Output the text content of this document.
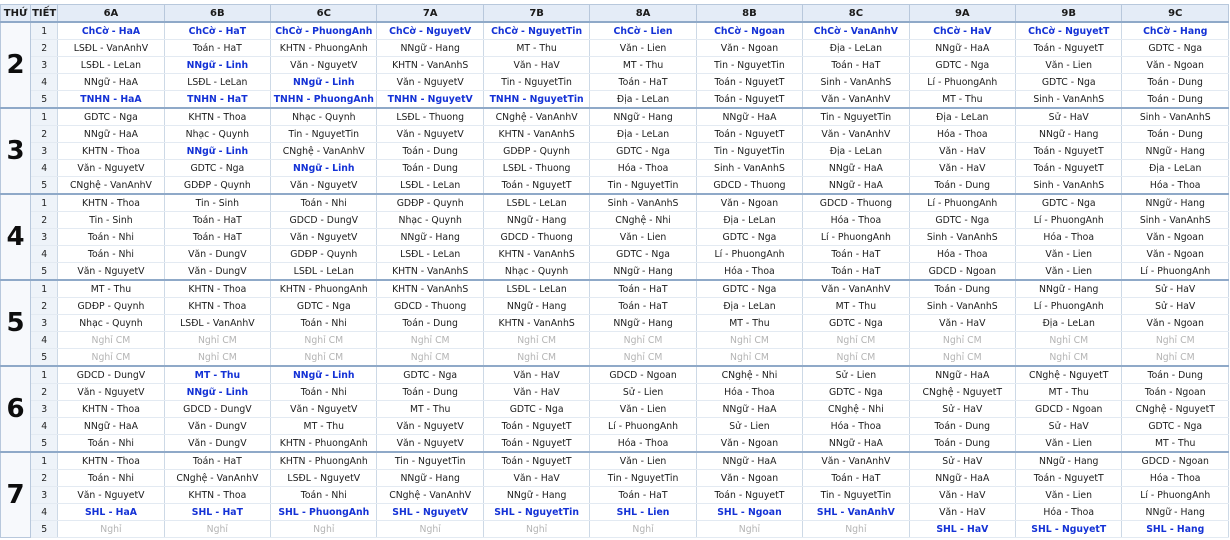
THỨ	TIẾT	6A	6B	6C	7A	7B	8A	8B	8C	9A	9B	9C
2	1	ChCờ - HaA	ChCờ - HaT	ChCờ - PhuongAnh	ChCờ - NguyetV	ChCờ - NguyetTin	ChCờ - Lien	ChCờ - Ngoan	ChCờ - VanAnhV	ChCờ - HaV	ChCờ - NguyetT	ChCờ - Hang
	2	LSĐL - VanAnhV	Toán - HaT	KHTN - PhuongAnh	NNgữ - Hang	MT - Thu	Văn - Lien	Văn - Ngoan	Địa - LeLan	NNgữ - HaA	Toán - NguyetT	GDTC - Nga
	3	LSĐL - LeLan	NNgữ - Linh	Văn - NguyetV	KHTN - VanAnhS	Văn - HaV	MT - Thu	Tin - NguyetTin	Toán - HaT	GDTC - Nga	Văn - Lien	Văn - Ngoan
	4	NNgữ - HaA	LSĐL - LeLan	NNgữ - Linh	Văn - NguyetV	Tin - NguyetTin	Toán - HaT	Toán - NguyetT	Sinh - VanAnhS	Lí - PhuongAnh	GDTC - Nga	Toán - Dung
	5	TNHN - HaA	TNHN - HaT	TNHN - PhuongAnh	TNHN - NguyetV	TNHN - NguyetTin	Địa - LeLan	Toán - NguyetT	Văn - VanAnhV	MT - Thu	Sinh - VanAnhS	Toán - Dung
3	1	GDTC - Nga	KHTN - Thoa	Nhạc - Quynh	LSĐL - Thuong	CNghệ - VanAnhV	NNgữ - Hang	NNgữ - HaA	Tin - NguyetTin	Địa - LeLan	Sử - HaV	Sinh - VanAnhS
	2	NNgữ - HaA	Nhạc - Quynh	Tin - NguyetTin	Văn - NguyetV	KHTN - VanAnhS	Địa - LeLan	Toán - NguyetT	Văn - VanAnhV	Hóa - Thoa	NNgữ - Hang	Toán - Dung
	3	KHTN - Thoa	NNgữ - Linh	CNghệ - VanAnhV	Toán - Dung	GDĐP - Quynh	GDTC - Nga	Tin - NguyetTin	Địa - LeLan	Văn - HaV	Toán - NguyetT	NNgữ - Hang
	4	Văn - NguyetV	GDTC - Nga	NNgữ - Linh	Toán - Dung	LSĐL - Thuong	Hóa - Thoa	Sinh - VanAnhS	NNgữ - HaA	Văn - HaV	Toán - NguyetT	Địa - LeLan
	5	CNghệ - VanAnhV	GDĐP - Quynh	Văn - NguyetV	LSĐL - LeLan	Toán - NguyetT	Tin - NguyetTin	GDCD - Thuong	NNgữ - HaA	Toán - Dung	Sinh - VanAnhS	Hóa - Thoa
4	1	KHTN - Thoa	Tin - Sinh	Toán - Nhi	GDĐP - Quynh	LSĐL - LeLan	Sinh - VanAnhS	Văn - Ngoan	GDCD - Thuong	Lí - PhuongAnh	GDTC - Nga	NNgữ - Hang
	2	Tin - Sinh	Toán - HaT	GDCD - DungV	Nhạc - Quynh	NNgữ - Hang	CNghệ - Nhi	Địa - LeLan	Hóa - Thoa	GDTC - Nga	Lí - PhuongAnh	Sinh - VanAnhS
	3	Toán - Nhi	Toán - HaT	Văn - NguyetV	NNgữ - Hang	GDCD - Thuong	Văn - Lien	GDTC - Nga	Lí - PhuongAnh	Sinh - VanAnhS	Hóa - Thoa	Văn - Ngoan
	4	Toán - Nhi	Văn - DungV	GDĐP - Quynh	LSĐL - LeLan	KHTN - VanAnhS	GDTC - Nga	Lí - PhuongAnh	Toán - HaT	Hóa - Thoa	Văn - Lien	Văn - Ngoan
	5	Văn - NguyetV	Văn - DungV	LSĐL - LeLan	KHTN - VanAnhS	Nhạc - Quynh	NNgữ - Hang	Hóa - Thoa	Toán - HaT	GDCD - Ngoan	Văn - Lien	Lí - PhuongAnh
5	1	MT - Thu	KHTN - Thoa	KHTN - PhuongAnh	KHTN - VanAnhS	LSĐL - LeLan	Toán - HaT	GDTC - Nga	Văn - VanAnhV	Toán - Dung	NNgữ - Hang	Sử - HaV
	2	GDĐP - Quynh	KHTN - Thoa	GDTC - Nga	GDCD - Thuong	NNgữ - Hang	Toán - HaT	Địa - LeLan	MT - Thu	Sinh - VanAnhS	Lí - PhuongAnh	Sử - HaV
	3	Nhạc - Quynh	LSĐL - VanAnhV	Toán - Nhi	Toán - Dung	KHTN - VanAnhS	NNgữ - Hang	MT - Thu	GDTC - Nga	Văn - HaV	Địa - LeLan	Văn - Ngoan
	4	Nghỉ CM	Nghỉ CM	Nghỉ CM	Nghỉ CM	Nghỉ CM	Nghỉ CM	Nghỉ CM	Nghỉ CM	Nghỉ CM	Nghỉ CM	Nghỉ CM
	5	Nghỉ CM	Nghỉ CM	Nghỉ CM	Nghỉ CM	Nghỉ CM	Nghỉ CM	Nghỉ CM	Nghỉ CM	Nghỉ CM	Nghỉ CM	Nghỉ CM
6	1	GDCD - DungV	MT - Thu	NNgữ - Linh	GDTC - Nga	Văn - HaV	GDCD - Ngoan	CNghệ - Nhi	Sử - Lien	NNgữ - HaA	CNghệ - NguyetT	Toán - Dung
	2	Văn - NguyetV	NNgữ - Linh	Toán - Nhi	Toán - Dung	Văn - HaV	Sử - Lien	Hóa - Thoa	GDTC - Nga	CNghệ - NguyetT	MT - Thu	Toán - Ngoan
	3	KHTN - Thoa	GDCD - DungV	Văn - NguyetV	MT - Thu	GDTC - Nga	Văn - Lien	NNgữ - HaA	CNghệ - Nhi	Sử - HaV	GDCD - Ngoan	CNghệ - NguyetT
	4	NNgữ - HaA	Văn - DungV	MT - Thu	Văn - NguyetV	Toán - NguyetT	Lí - PhuongAnh	Sử - Lien	Hóa - Thoa	Toán - Dung	Sử - HaV	GDTC - Nga
	5	Toán - Nhi	Văn - DungV	KHTN - PhuongAnh	Văn - NguyetV	Toán - NguyetT	Hóa - Thoa	Văn - Ngoan	NNgữ - HaA	Toán - Dung	Văn - Lien	MT - Thu
7	1	KHTN - Thoa	Toán - HaT	KHTN - PhuongAnh	Tin - NguyetTin	Toán - NguyetT	Văn - Lien	NNgữ - HaA	Văn - VanAnhV	Sử - HaV	NNgữ - Hang	GDCD - Ngoan
	2	Toán - Nhi	CNghệ - VanAnhV	LSĐL - NguyetV	NNgữ - Hang	Văn - HaV	Tin - NguyetTin	Văn - Ngoan	Toán - HaT	NNgữ - HaA	Toán - NguyetT	Hóa - Thoa
	3	Văn - NguyetV	KHTN - Thoa	Toán - Nhi	CNghệ - VanAnhV	NNgữ - Hang	Toán - HaT	Toán - NguyetT	Tin - NguyetTin	Văn - HaV	Văn - Lien	Lí - PhuongAnh
	4	SHL - HaA	SHL - HaT	SHL - PhuongAnh	SHL - NguyetV	SHL - NguyetTin	SHL - Lien	SHL - Ngoan	SHL - VanAnhV	Văn - HaV	Hóa - Thoa	NNgữ - Hang
	5	Nghỉ	Nghỉ	Nghỉ	Nghỉ	Nghỉ	Nghỉ	Nghỉ	Nghỉ	SHL - HaV	SHL - NguyetT	SHL - Hang
